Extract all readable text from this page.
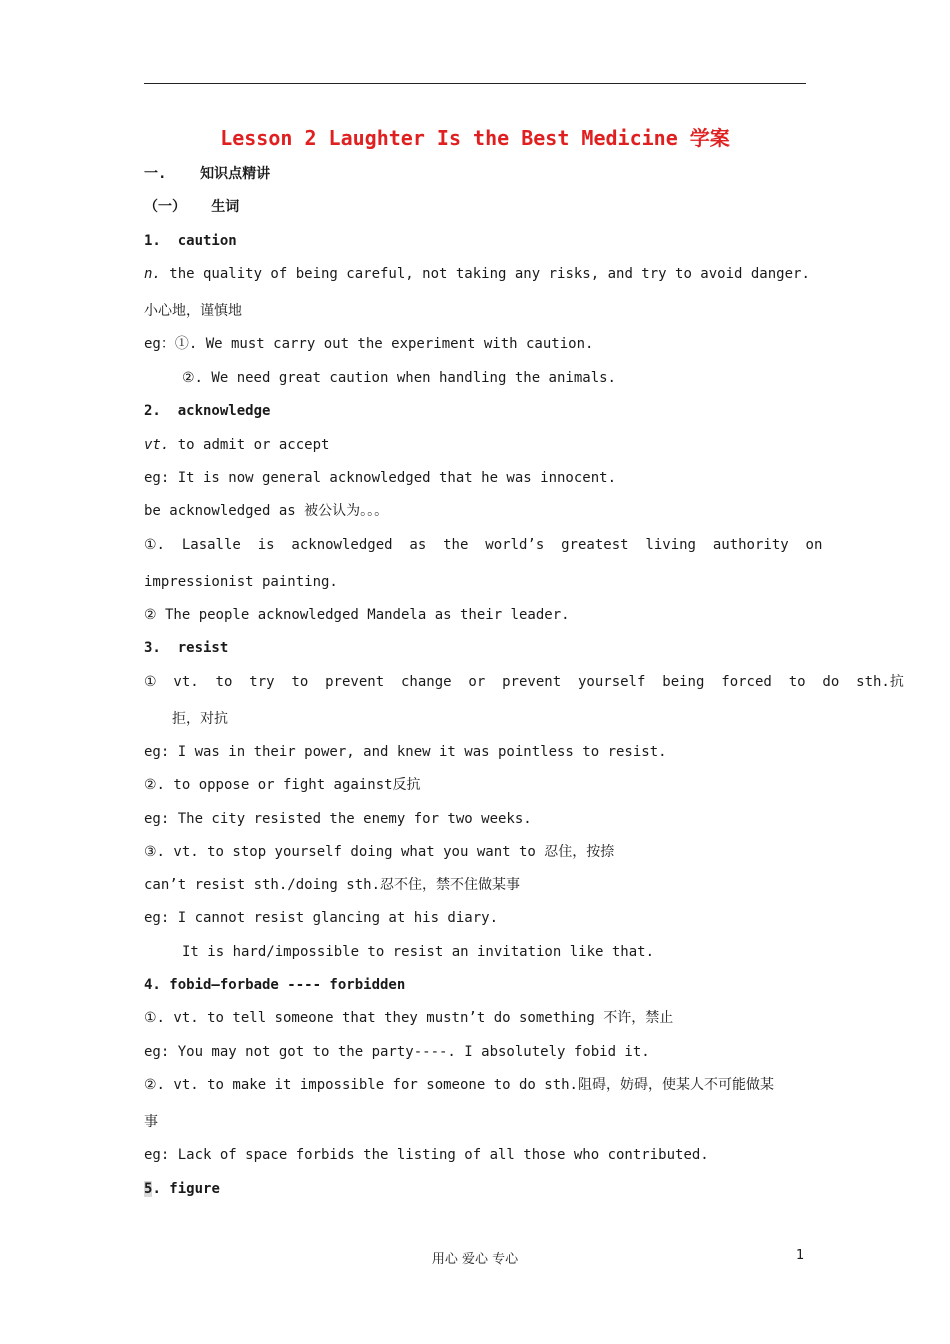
Lesson 2 Laughter Is the Best Medicine 学案
一.    知识点精讲
（一）   生词
1.  caution
n. the quality of being careful, not taking any risks, and try to avoid danger.
小心地，谨慎地
eg：①. We must carry out the experiment with caution.
②. We need great caution when handling the animals.
2.  acknowledge
vt. to admit or accept
eg: It is now general acknowledged that he was innocent.
be acknowledged as 被公认为。。。
①.  Lasalle  is  acknowledged  as  the  world’s  greatest  living  authority  on
impressionist painting.
② The people acknowledged Mandela as their leader.
3.  resist
①  vt.  to  try  to  prevent  change  or  prevent  yourself  being  forced  to  do  sth.抗
拒，对抗
eg: I was in their power, and knew it was pointless to resist.
②. to oppose or fight against反抗
eg: The city resisted the enemy for two weeks.
③. vt. to stop yourself doing what you want to 忍住，按捺
can’t resist sth./doing sth.忍不住，禁不住做某事
eg: I cannot resist glancing at his diary.
It is hard/impossible to resist an invitation like that.
4. fobid—forbade ---- forbidden
①. vt. to tell someone that they mustn’t do something 不许，禁止
eg: You may not got to the party----. I absolutely fobid it.
②. vt. to make it impossible for someone to do sth.阻碍，妨碍，使某人不可能做某
事
eg: Lack of space forbids the listing of all those who contributed.
5. figure
用心 爱心 专心	1
